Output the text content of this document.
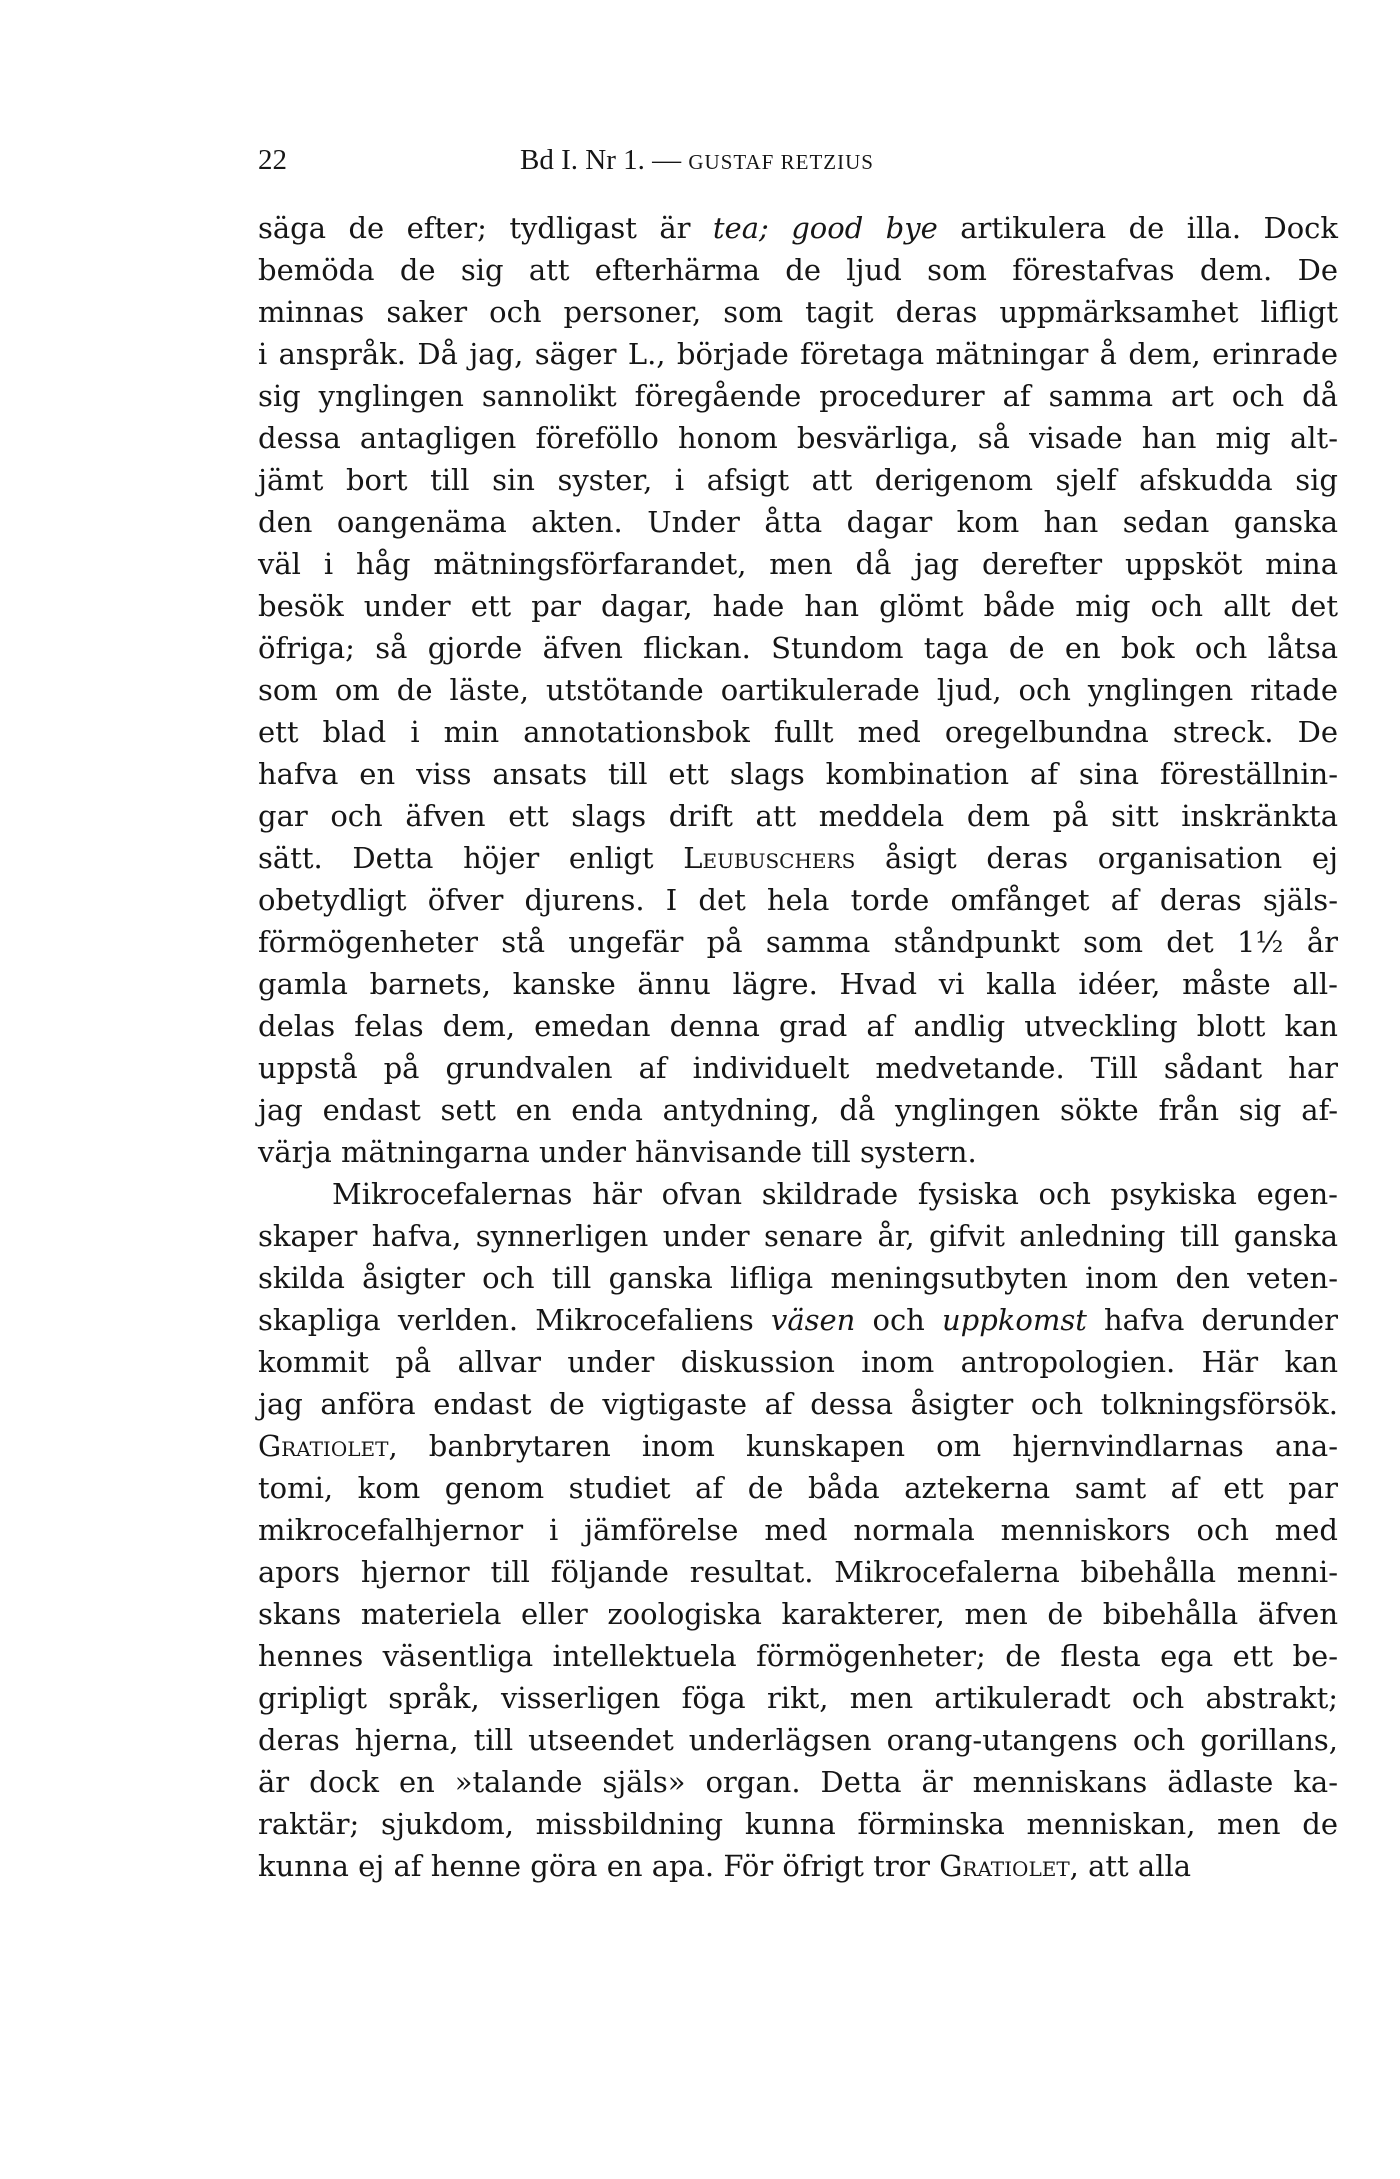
22	Bd I. Nr 1. — GUSTAF RETZIUS
säga de efter; tydligast är tea; good bye artikulera de illa. Dock
bemöda de sig att efterhärma de ljud som förestafvas dem. De
minnas saker och personer, som tagit deras uppmärksamhet lifligt
i anspråk. Då jag, säger L., började företaga mätningar å dem, erinrade
sig ynglingen sannolikt föregående procedurer af samma art och då
dessa antagligen föreföllo honom besvärliga, så visade han mig alt-
jämt bort till sin syster, i afsigt att derigenom sjelf afskudda sig
den oangenäma akten. Under åtta dagar kom han sedan ganska
väl i håg mätningsförfarandet, men då jag derefter uppsköt mina
besök under ett par dagar, hade han glömt både mig och allt det
öfriga; så gjorde äfven flickan. Stundom taga de en bok och låtsa
som om de läste, utstötande oartikulerade ljud, och ynglingen ritade
ett blad i min annotationsbok fullt med oregelbundna streck. De
hafva en viss ansats till ett slags kombination af sina föreställnin-
gar och äfven ett slags drift att meddela dem på sitt inskränkta
sätt. Detta höjer enligt Leubuschers åsigt deras organisation ej
obetydligt öfver djurens. I det hela torde omfånget af deras själs-
förmögenheter stå ungefär på samma ståndpunkt som det 1½ år
gamla barnets, kanske ännu lägre. Hvad vi kalla idéer, måste all-
delas felas dem, emedan denna grad af andlig utveckling blott kan
uppstå på grundvalen af individuelt medvetande. Till sådant har
jag endast sett en enda antydning, då ynglingen sökte från sig af-
värja mätningarna under hänvisande till systern.
Mikrocefalernas här ofvan skildrade fysiska och psykiska egen-
skaper hafva, synnerligen under senare år, gifvit anledning till ganska
skilda åsigter och till ganska lifliga meningsutbyten inom den veten-
skapliga verlden. Mikrocefaliens väsen och uppkomst hafva derunder
kommit på allvar under diskussion inom antropologien. Här kan
jag anföra endast de vigtigaste af dessa åsigter och tolkningsförsök.
Gratiolet, banbrytaren inom kunskapen om hjernvindlarnas ana-
tomi, kom genom studiet af de båda aztekerna samt af ett par
mikrocefalhjernor i jämförelse med normala menniskors och med
apors hjernor till följande resultat. Mikrocefalerna bibehålla menni-
skans materiela eller zoologiska karakterer, men de bibehålla äfven
hennes väsentliga intellektuela förmögenheter; de flesta ega ett be-
gripligt språk, visserligen föga rikt, men artikuleradt och abstrakt;
deras hjerna, till utseendet underlägsen orang-utangens och gorillans,
är dock en »talande själs» organ. Detta är menniskans ädlaste ka-
raktär; sjukdom, missbildning kunna förminska menniskan, men de
kunna ej af henne göra en apa. För öfrigt tror Gratiolet, att alla
